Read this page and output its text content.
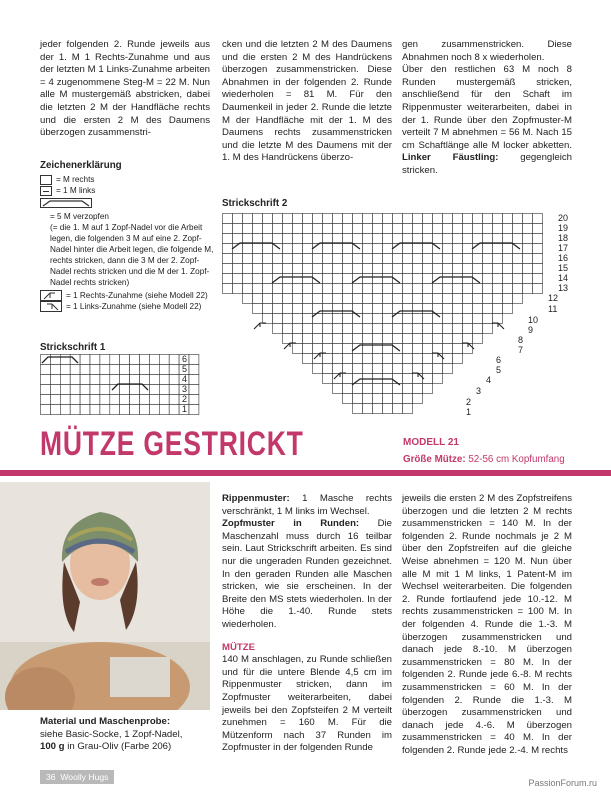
jeder folgenden 2. Runde jeweils aus der 1. M 1 Rechts-Zunahme und aus der letzten M 1 Links-Zunahme arbeiten = 4 zugenommene Steg-M = 22 M. Nun alle M mustergemäß abstricken, dabei die letzten 2 M der Handfläche rechts und die ersten 2 M des Daumens überzogen zusammenstri-

cken und die letzten 2 M des Daumens und die ersten 2 M des Handrückens überzogen zusammenstricken. Diese Abnahmen in der folgenden 2. Runde wiederholen = 81 M. Für den Daumenkeil in jeder 2. Runde die letzte M der Handfläche mit der 1. M des Daumens rechts zusammenstricken und die letzte M des Daumens mit der 1. M des Handrückens überzo-

gen zusammenstricken. Diese Abnahmen noch 8 x wiederholen.
Über den restlichen 63 M noch 8 Runden mustergemäß stricken, anschließend für den Schaft im Rippenmuster weiterarbeiten, dabei in der 1. Runde über den Zopfmuster-M verteilt 7 M abnehmen = 56 M. Nach 15 cm Schaftlänge alle M locker abketten. Linker Fäustling: gegengleich stricken.

Zeichenerklärung
= M rechts
= 1 M links
= 5 M verzopfen
(= die 1. M auf 1 Zopf-Nadel vor die Arbeit legen, die folgenden 3 M auf eine 2. Zopf-Nadel hinter die Arbeit legen, die folgende M, rechts stricken, dann die 3 M der 2. Zopf-Nadel rechts stricken und die M der 1. Zopf-Nadel rechts stricken)
= 1 Rechts-Zunahme (siehe Modell 22)
= 1 Links-Zunahme (siehe Modell 22)
Strickschrift 1
6
5
4
3
2
1
Strickschrift 2
20
19
18
17
16
15
14
13
12
11
10
9
8
7
6
5
4
3
2
1
MÜTZE GESTRICKT	MODELL 21
Größe Mütze: 52-56 cm Kopfumfang

Material und Maschenprobe:
siehe Basic-Socke, 1 Zopf-Nadel,
100 g in Grau-Oliv (Farbe 206)

Rippenmuster: 1 Masche rechts verschränkt, 1 M links im Wechsel.

Zopfmuster in Runden: Die Maschenzahl muss durch 16 teilbar sein. Laut Strickschrift arbeiten. Es sind nur die ungeraden Runden gezeichnet. In den geraden Runden alle Maschen stricken, wie sie erscheinen. In der Breite den MS stets wiederholen. In der Höhe die 1.-40. Runde stets wiederholen.

MÜTZE

140 M anschlagen, zu Runde schließen und für die untere Blende 4,5 cm im Rippenmuster stricken, dann im Zopfmuster weiterarbeiten, dabei jeweils bei den Zopfsteifen 2 M verteilt zunehmen = 160 M. Für die Mützenform nach 37 Runden im Zopfmuster in der folgenden Runde

jeweils die ersten 2 M des Zopfstreifens überzogen und die letzten 2 M rechts zusammenstricken = 140 M. In der folgenden 2. Runde nochmals je 2 M über den Zopfstreifen auf die gleiche Weise abnehmen = 120 M. Nun über alle M mit 1 M links, 1 Patent-M im Wechsel weiterarbeiten. Die folgenden 2. Runde fortlaufend jede 10.-12. M rechts zusammenstricken = 100 M. In der folgenden 4. Runde die 1.-3. M überzogen zusammenstricken und danach jede 8.-10. M überzogen zusammenstricken = 80 M. In der folgenden 2. Runde jede 6.-8. M rechts zusammenstricken = 60 M. In der folgenden 2. Runde die 1.-3. M überzogen zusammenstricken und danach jede 4.-6. M überzogen zusammenstricken = 40 M. In der folgenden 2. Runde jede 2.-4. M rechts

36 Woolly Hugs
PassionForum.ru
